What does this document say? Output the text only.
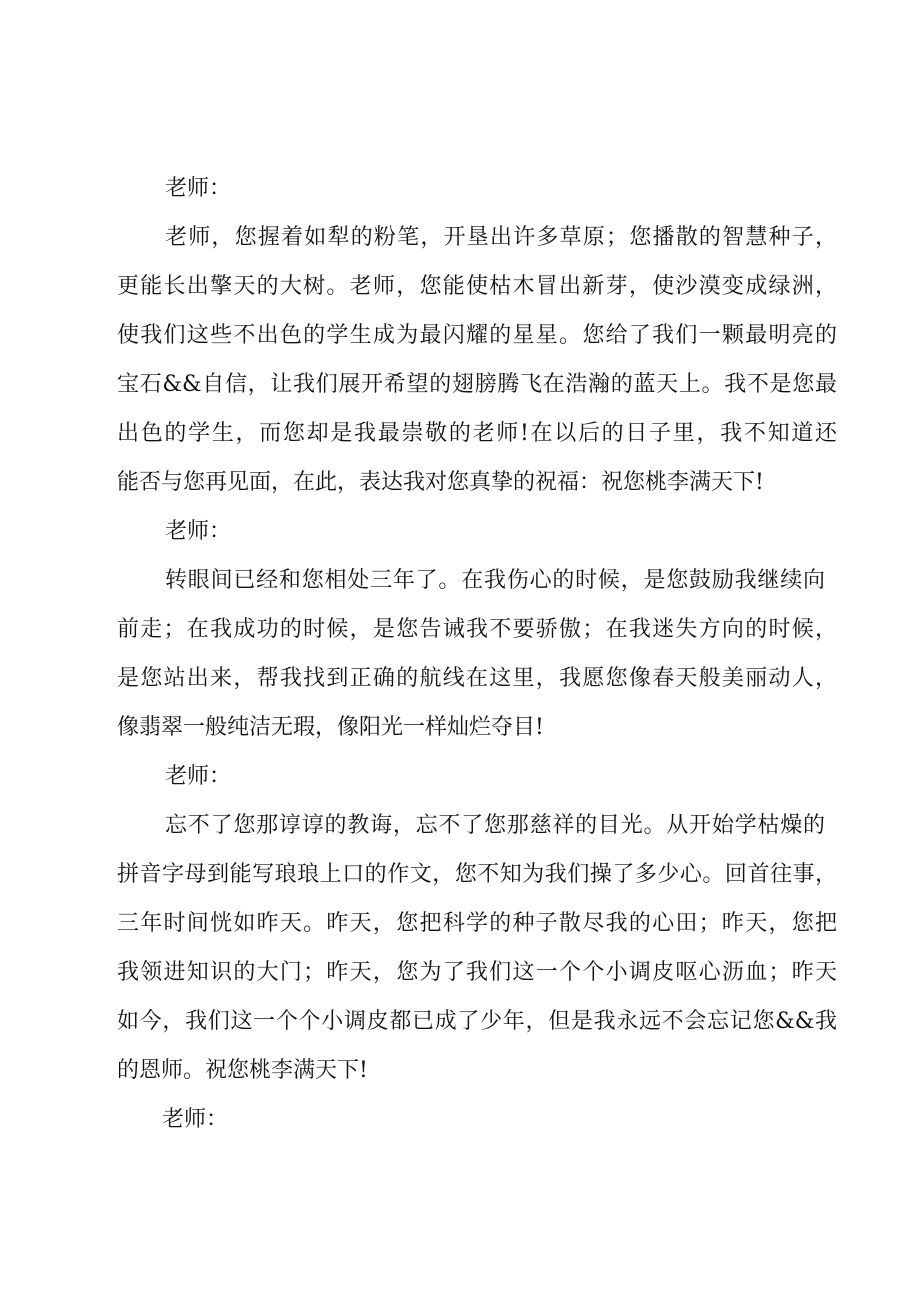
老师：
老师，您握着如犁的粉笔，开垦出许多草原；您播散的智慧种子，
更能长出擎天的大树。老师，您能使枯木冒出新芽，使沙漠变成绿洲，
使我们这些不出色的学生成为最闪耀的星星。您给了我们一颗最明亮的
宝石&&自信，让我们展开希望的翅膀腾飞在浩瀚的蓝天上。我不是您最
出色的学生，而您却是我最崇敬的老师!在以后的日子里，我不知道还
能否与您再见面，在此，表达我对您真挚的祝福：祝您桃李满天下!
老师：
转眼间已经和您相处三年了。在我伤心的时候，是您鼓励我继续向
前走；在我成功的时候，是您告诫我不要骄傲；在我迷失方向的时候，
是您站出来，帮我找到正确的航线在这里，我愿您像春天般美丽动人，
像翡翠一般纯洁无瑕，像阳光一样灿烂夺目!
老师：
忘不了您那谆谆的教诲，忘不了您那慈祥的目光。从开始学枯燥的
拼音字母到能写琅琅上口的作文，您不知为我们操了多少心。回首往事，
三年时间恍如昨天。昨天，您把科学的种子散尽我的心田；昨天，您把
我领进知识的大门；昨天，您为了我们这一个个小调皮呕心沥血；昨天
如今，我们这一个个小调皮都已成了少年，但是我永远不会忘记您&&我
的恩师。祝您桃李满天下!
老师：
